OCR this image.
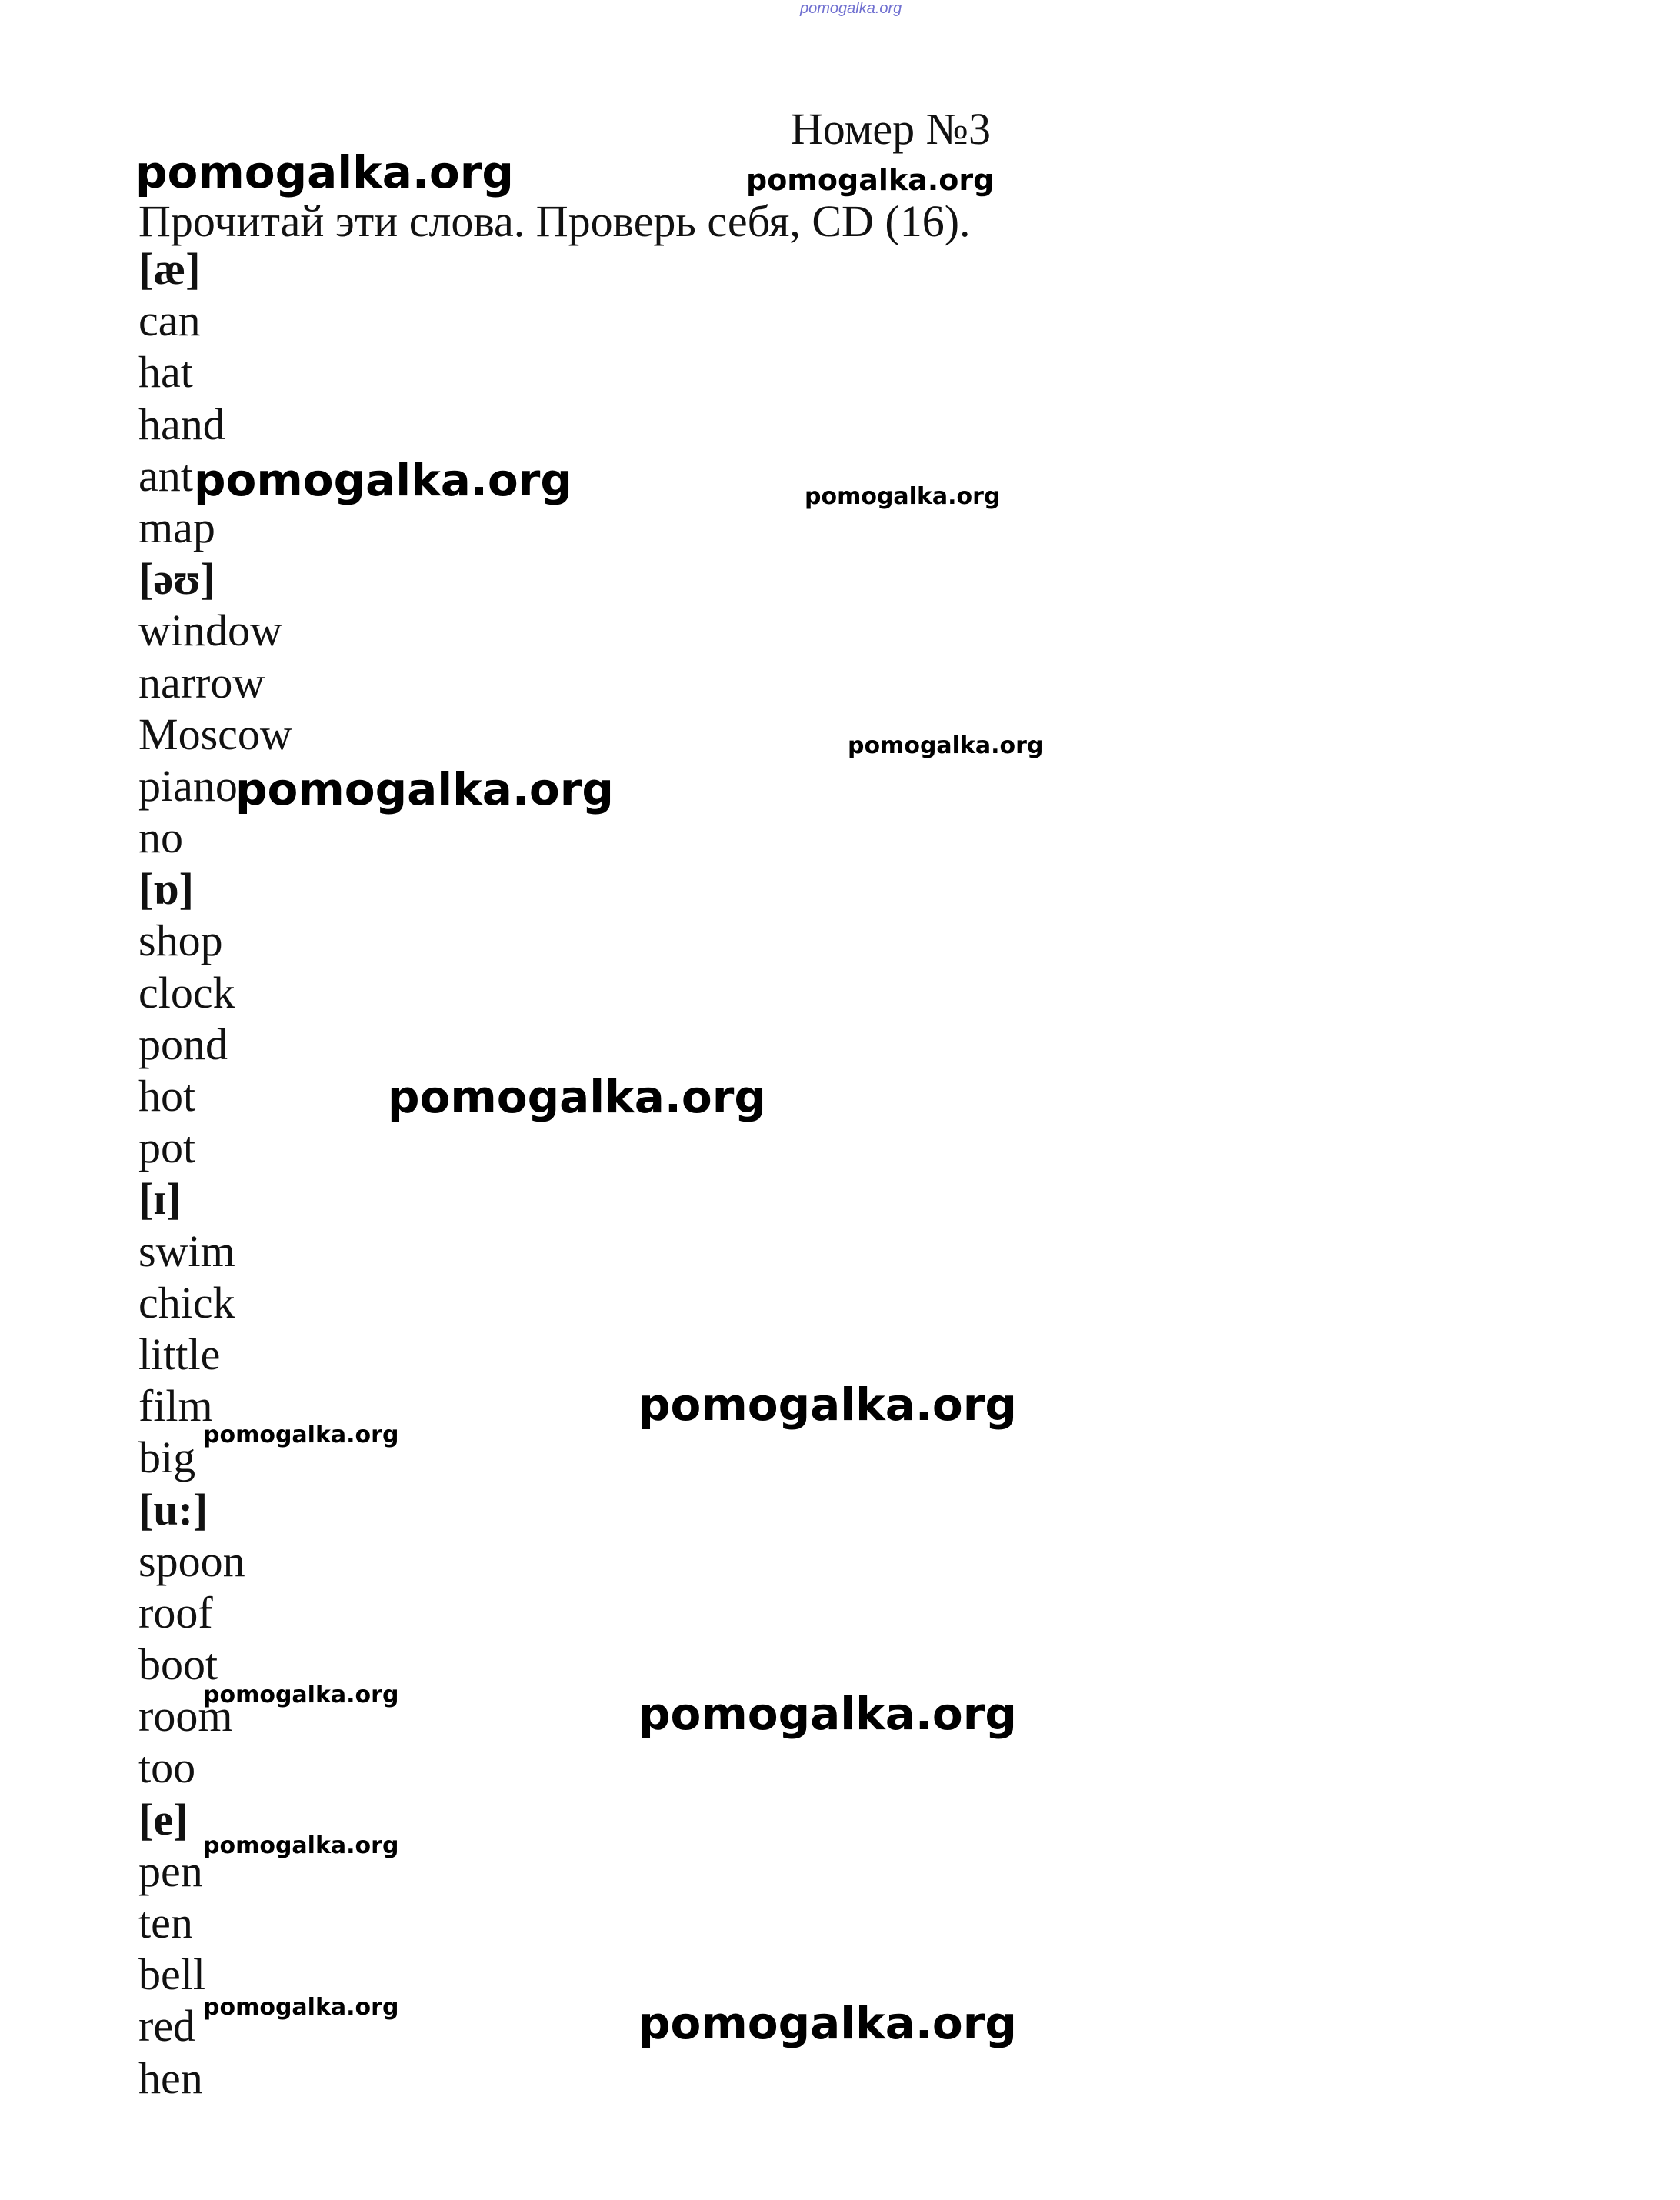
pomogalka.org
Номер №3
pomogalka.org	pomogalka.org
Прочитай эти слова. Проверь себя, CD (16).
[æ]
can
hat
hand
ant
map
[əʊ]
window
narrow
Moscow
piano
no
[ɒ]
shop
clock
pond
hot
pot
[ɪ]
swim
chick
little
film
big
[u:]
spoon
roof
boot
room
too
[e]
pen
ten
bell
red
hen
pomogalka.org	pomogalka.org
pomogalka.org
pomogalka.org
pomogalka.org
pomogalka.org
pomogalka.org
pomogalka.org	pomogalka.org
pomogalka.org
pomogalka.org	pomogalka.org
